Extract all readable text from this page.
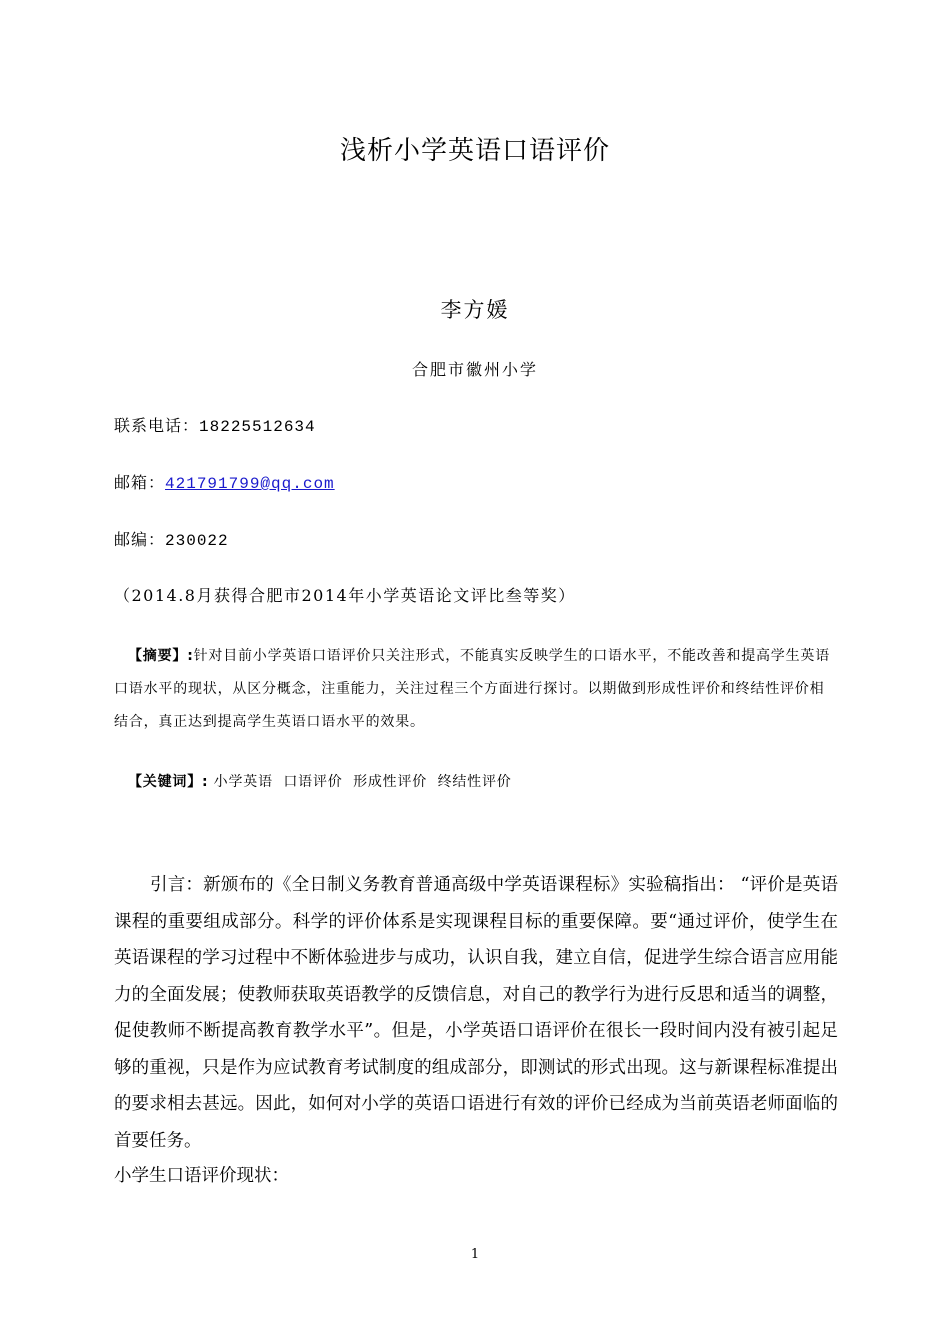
浅析小学英语口语评价
李方媛
合肥市徽州小学
联系电话：18225512634
邮箱：421791799@qq.com
邮编：230022
（2014.8月获得合肥市2014年小学英语论文评比叁等奖）
【摘要】:针对目前小学英语口语评价只关注形式，不能真实反映学生的口语水平，不能改善和提高学生英语口语水平的现状，从区分概念，注重能力，关注过程三个方面进行探讨。以期做到形成性评价和终结性评价相结合，真正达到提高学生英语口语水平的效果。
【关键词】: 小学英语  口语评价  形成性评价  终结性评价
引言：新颁布的《全日制义务教育普通高级中学英语课程标》实验稿指出： “评价是英语课程的重要组成部分。科学的评价体系是实现课程目标的重要保障。要“通过评价，使学生在英语课程的学习过程中不断体验进步与成功，认识自我，建立自信，促进学生综合语言应用能力的全面发展；使教师获取英语教学的反馈信息，对自己的教学行为进行反思和适当的调整，促使教师不断提高教育教学水平”。但是，小学英语口语评价在很长一段时间内没有被引起足够的重视，只是作为应试教育考试制度的组成部分，即测试的形式出现。这与新课程标准提出的要求相去甚远。因此，如何对小学的英语口语进行有效的评价已经成为当前英语老师面临的首要任务。
小学生口语评价现状：
1
